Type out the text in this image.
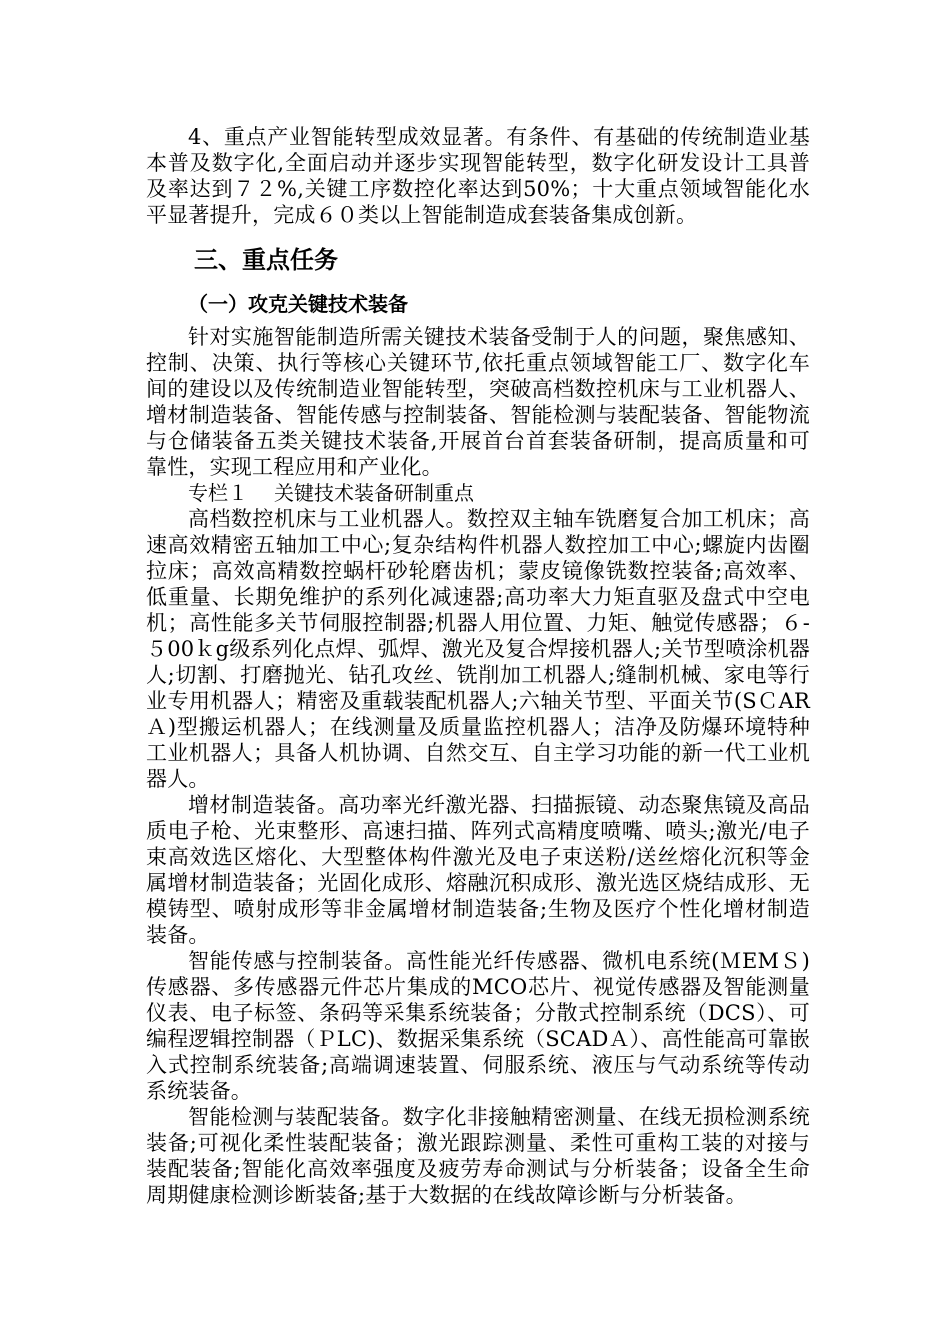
4、重点产业智能转型成效显著。有条件、有基础的传统制造业基本普及数字化,全面启动并逐步实现智能转型，数字化研发设计工具普及率达到７２%,关键工序数控化率达到50%；十大重点领域智能化水平显著提升，完成６０类以上智能制造成套装备集成创新。

三、重点任务
（一）攻克关键技术装备

针对实施智能制造所需关键技术装备受制于人的问题，聚焦感知、控制、决策、执行等核心关键环节,依托重点领域智能工厂、数字化车间的建设以及传统制造业智能转型，突破高档数控机床与工业机器人、增材制造装备、智能传感与控制装备、智能检测与装配装备、智能物流与仓储装备五类关键技术装备,开展首台首套装备研制，提高质量和可靠性，实现工程应用和产业化。

专栏１ 关键技术装备研制重点

高档数控机床与工业机器人。数控双主轴车铣磨复合加工机床；高速高效精密五轴加工中心;复杂结构件机器人数控加工中心;螺旋内齿圈拉床；高效高精数控蜗杆砂轮磨齿机；蒙皮镜像铣数控装备;高效率、低重量、长期免维护的系列化减速器;高功率大力矩直驱及盘式中空电机；高性能多关节伺服控制器;机器人用位置、力矩、触觉传感器；６-５00ｋg级系列化点焊、弧焊、激光及复合焊接机器人;关节型喷涂机器人;切割、打磨抛光、钻孔攻丝、铣削加工机器人;缝制机械、家电等行业专用机器人；精密及重载装配机器人;六轴关节型、平面关节(SＣARＡ)型搬运机器人；在线测量及质量监控机器人；洁净及防爆环境特种工业机器人；具备人机协调、自然交互、自主学习功能的新一代工业机器人。

增材制造装备。高功率光纤激光器、扫描振镜、动态聚焦镜及高品质电子枪、光束整形、高速扫描、阵列式高精度喷嘴、喷头;激光/电子束高效选区熔化、大型整体构件激光及电子束送粉/送丝熔化沉积等金属增材制造装备；光固化成形、熔融沉积成形、激光选区烧结成形、无模铸型、喷射成形等非金属增材制造装备;生物及医疗个性化增材制造装备。

智能传感与控制装备。高性能光纤传感器、微机电系统(ＭEMＳ)传感器、多传感器元件芯片集成的MCO芯片、视觉传感器及智能测量仪表、电子标签、条码等采集系统装备；分散式控制系统（DCS）、可编程逻辑控制器（ＰLC)、数据采集系统（SCADＡ）、高性能高可靠嵌入式控制系统装备;高端调速装置、伺服系统、液压与气动系统等传动系统装备。

智能检测与装配装备。数字化非接触精密测量、在线无损检测系统装备;可视化柔性装配装备；激光跟踪测量、柔性可重构工装的对接与装配装备;智能化高效率强度及疲劳寿命测试与分析装备；设备全生命周期健康检测诊断装备;基于大数据的在线故障诊断与分析装备。
